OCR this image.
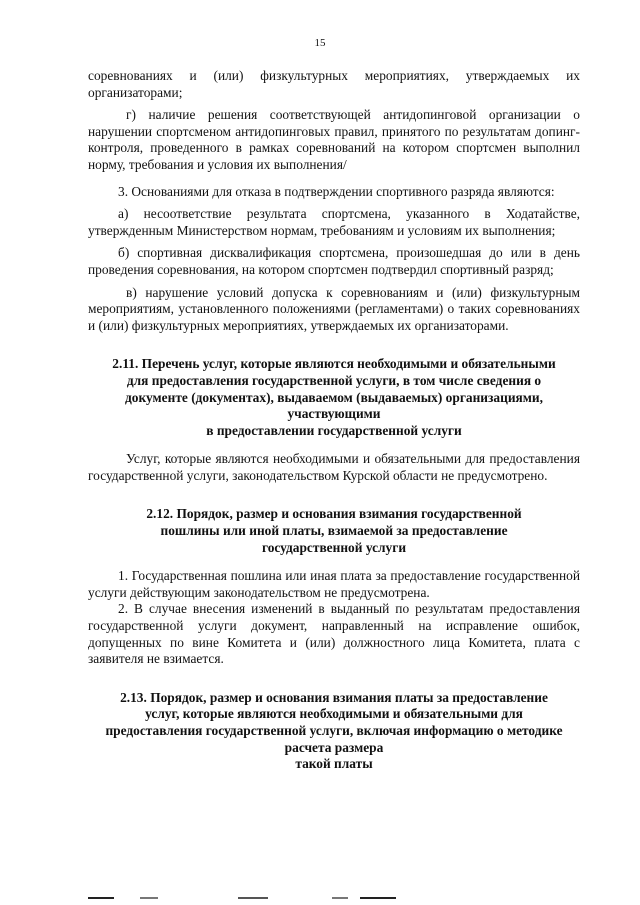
15

соревнованиях и (или) физкультурных мероприятиях, утверждаемых их организаторами;

г) наличие решения соответствующей антидопинговой организации о нарушении спортсменом антидопинговых правил, принятого по результатам допинг-контроля, проведенного в рамках соревнований на котором спортсмен выполнил норму, требования и условия их выполнения/

3. Основаниями для отказа в подтверждении спортивного разряда являются:

а) несоответствие результата спортсмена, указанного в Ходатайстве, утвержденным Министерством нормам, требованиям и условиям их выполнения;

б) спортивная дисквалификация спортсмена, произошедшая до или в день проведения соревнования, на котором спортсмен подтвердил спортивный разряд;

в) нарушение условий допуска к соревнованиям и (или) физкультурным мероприятиям, установленного положениями (регламентами) о таких соревнованиях и (или) физкультурных мероприятиях, утверждаемых их организаторами.

2.11. Перечень услуг, которые являются необходимыми и обязательными

для предоставления государственной услуги, в том числе сведения о

документе (документах), выдаваемом (выдаваемых) организациями,

участвующими

в предоставлении государственной услуги

Услуг, которые являются необходимыми и обязательными для предоставления государственной услуги, законодательством Курской области не предусмотрено.

2.12. Порядок, размер и основания взимания государственной

пошлины или иной платы, взимаемой за предоставление

государственной услуги

1. Государственная пошлина или иная плата за предоставление государственной услуги действующим законодательством не предусмотрена.

2. В случае внесения изменений в выданный по результатам предоставления государственной услуги документ, направленный на исправление ошибок, допущенных по вине Комитета и (или) должностного лица Комитета, плата с заявителя не взимается.

2.13. Порядок, размер и основания взимания платы за предоставление

услуг, которые являются необходимыми и обязательными для

предоставления государственной услуги, включая информацию о методике

расчета размера

такой платы
